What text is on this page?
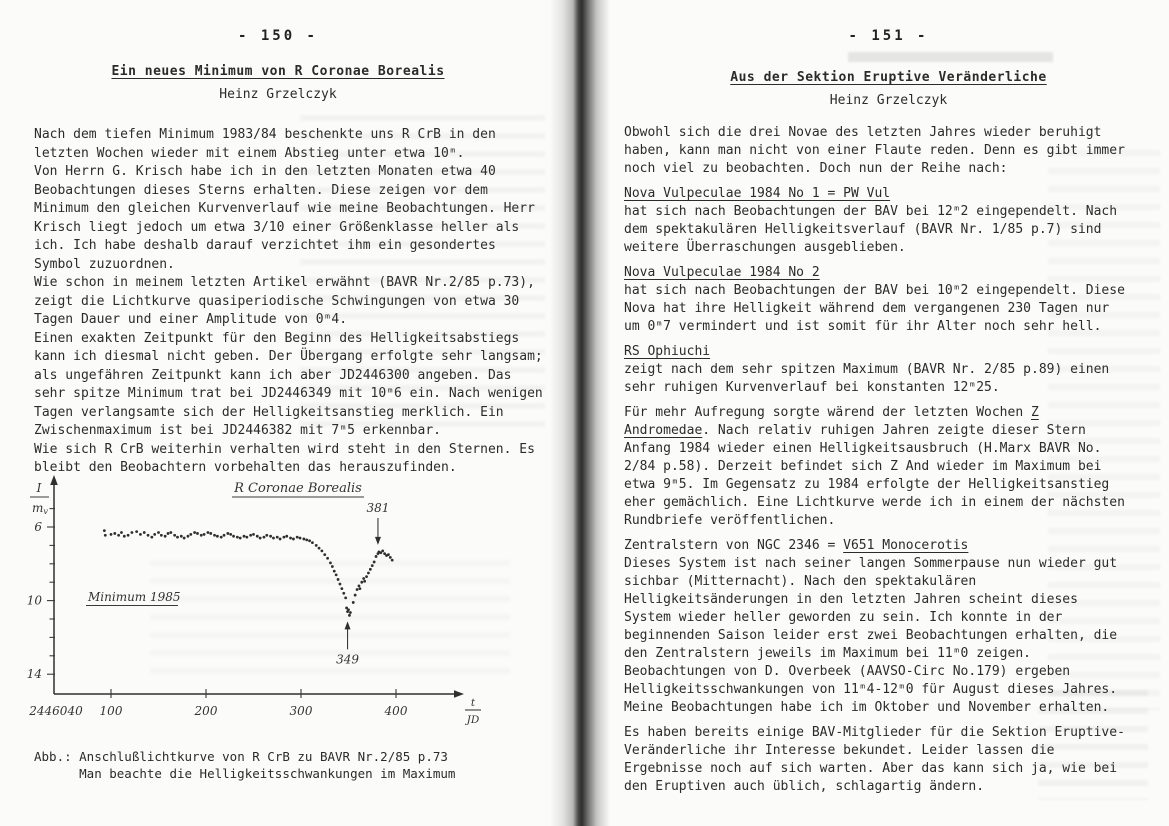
- 150 -
Ein neues Minimum von R Coronae Borealis
Heinz Grzelczyk

Nach dem tiefen Minimum 1983/84 beschenkte uns R CrB in den letzten Wochen wieder mit einem Abstieg unter etwa 10ᵐ.

Von Herrn G. Krisch habe ich in den letzten Monaten etwa 40 Beobachtungen dieses Sterns erhalten. Diese zeigen vor dem Minimum den gleichen Kurvenverlauf wie meine Beobachtungen. Herr Krisch liegt jedoch um etwa 3/10 einer Größenklasse heller als ich. Ich habe deshalb darauf verzichtet ihm ein gesondertes Symbol zuzuordnen.

Wie schon in meinem letzten Artikel erwähnt (BAVR Nr.2/85 p.73), zeigt die Lichtkurve quasiperiodische Schwingungen von etwa 30 Tagen Dauer und einer Amplitude von 0ᵐ4.

Einen exakten Zeitpunkt für den Beginn des Helligkeitsabstiegs kann ich diesmal nicht geben. Der Übergang erfolgte sehr langsam; als ungefähren Zeitpunkt kann ich aber JD2446300 angeben. Das sehr spitze Minimum trat bei JD2446349 mit 10ᵐ6 ein. Nach wenigen Tagen verlangsamte sich der Helligkeitsanstieg merklich. Ein Zwischenmaximum ist bei JD2446382 mit 7ᵐ5 erkennbar.

Wie sich R CrB weiterhin verhalten wird steht in den Sternen. Es bleibt den Beobachtern vorbehalten das herauszufinden.

6
10
14
I
mv
100	200	300	400
2446040
t
JD
R Coronae Borealis
Minimum 1985
381
349
Abb.: Anschlußlichtkurve von R CrB zu BAVR Nr.2/85 p.73
Man beachte die Helligkeitsschwankungen im Maximum
- 151 -
Aus der Sektion Eruptive Veränderliche
Heinz Grzelczyk

Obwohl sich die drei Novae des letzten Jahres wieder beruhigt haben, kann man nicht von einer Flaute reden. Denn es gibt immer noch viel zu beobachten. Doch nun der Reihe nach:

Nova Vulpeculae 1984 No 1 = PW Vul

hat sich nach Beobachtungen der BAV bei 12ᵐ2 eingependelt. Nach dem spektakulären Helligkeitsverlauf (BAVR Nr. 1/85 p.7) sind weitere Überraschungen ausgeblieben.

Nova Vulpeculae 1984 No 2

hat sich nach Beobachtungen der BAV bei 10ᵐ2 eingependelt. Diese Nova hat ihre Helligkeit während dem vergangenen 230 Tagen nur um 0ᵐ7 vermindert und ist somit für ihr Alter noch sehr hell.

RS Ophiuchi

zeigt nach dem sehr spitzen Maximum (BAVR Nr. 2/85 p.89) einen sehr ruhigen Kurvenverlauf bei konstanten 12ᵐ25.

Für mehr Aufregung sorgte wärend der letzten Wochen Z Andromedae. Nach relativ ruhigen Jahren zeigte dieser Stern Anfang 1984 wieder einen Helligkeitsausbruch (H.Marx BAVR No. 2/84 p.58). Derzeit befindet sich Z And wieder im Maximum bei etwa 9ᵐ5. Im Gegensatz zu 1984 erfolgte der Helligkeitsanstieg eher gemächlich. Eine Lichtkurve werde ich in einem der nächsten Rundbriefe veröffentlichen.

Zentralstern von NGC 2346 = V651 Monocerotis

Dieses System ist nach seiner langen Sommerpause nun wieder gut sichbar (Mitternacht). Nach den spektakulären Helligkeitsänderungen in den letzten Jahren scheint dieses System wieder heller geworden zu sein. Ich konnte in der beginnenden Saison leider erst zwei Beobachtungen erhalten, die den Zentralstern jeweils im Maximum bei 11ᵐ0 zeigen. Beobachtungen von D. Overbeek (AAVSO-Circ No.179) ergeben Helligkeitsschwankungen von 11ᵐ4-12ᵐ0 für August dieses Jahres. Meine Beobachtungen habe ich im Oktober und November erhalten.

Es haben bereits einige BAV-Mitglieder für die Sektion Eruptive-Veränderliche ihr Interesse bekundet. Leider lassen die Ergebnisse noch auf sich warten. Aber das kann sich ja, wie bei den Eruptiven auch üblich, schlagartig ändern.
